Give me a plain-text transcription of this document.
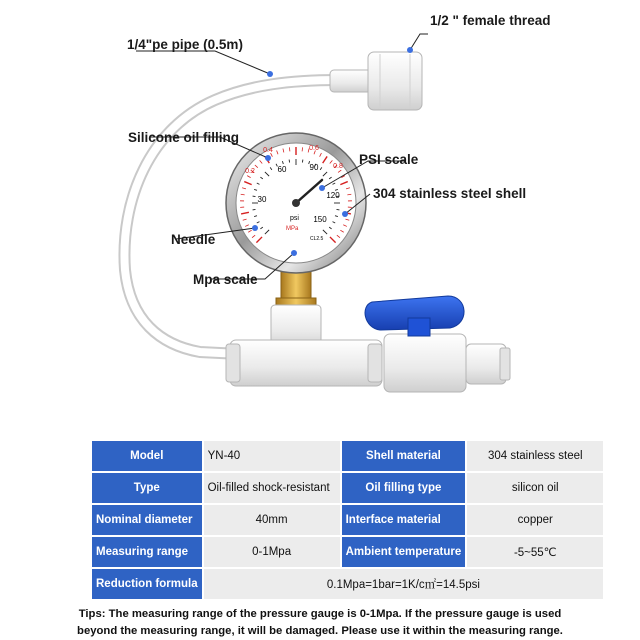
30
60	90
120
150
0.2
0.4	0.6
0.8
psi
MPa
CL2.5
1/4"pe pipe (0.5m)
1/2 " female thread
Silicone oil filling
PSI scale
304 stainless steel shell
Needle
Mpa scale
Model	YN-40	Shell material	304 stainless steel
Type	Oil-filled shock-resistant	Oil filling type	silicon oil
Nominal diameter	40mm	Interface material	copper
Measuring range	0-1Mpa	Ambient temperature	-5~55℃
Reduction formula	0.1Mpa=1bar=1K/c㎡=14.5psi		
Tips: The measuring range of the pressure gauge is 0-1Mpa. If the pressure gauge is used
beyond the measuring range, it will be damaged. Please use it within the measuring range.
